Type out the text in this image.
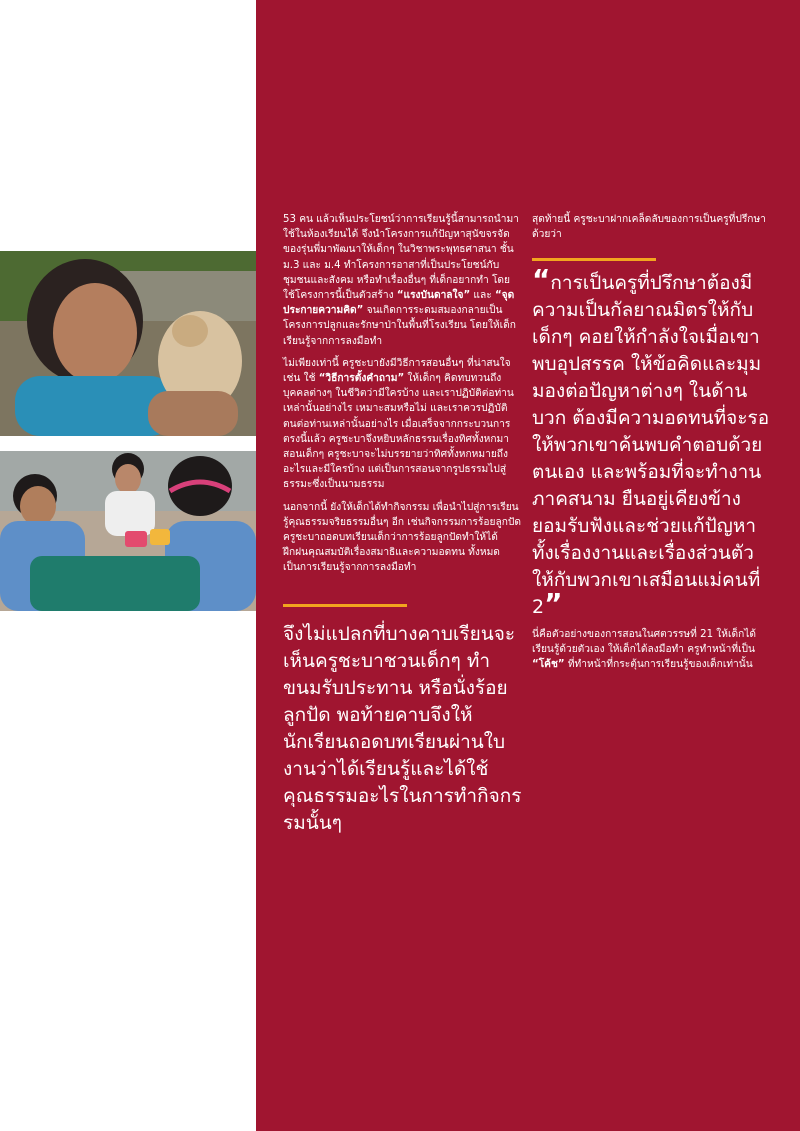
53 คน แล้วเห็นประโยชน์ว่าการเรียนรู้นี้สามารถนำมาใช้ในห้องเรียนได้ จึงนำโครงการแก้ปัญหาสุนัขจรจัดของรุ่นพี่มาพัฒนาให้เด็กๆ ในวิชาพระพุทธศาสนา ชั้น ม.3 และ ม.4 ทำโครงการอาสาที่เป็นประโยชน์กับชุมชนและสังคม หรือทำเรื่องอื่นๆ ที่เด็กอยากทำ โดยใช้โครงการนี้เป็นตัวสร้าง “แรงบันดาลใจ” และ “จุดประกายความคิด” จนเกิดการระดมสมองกลายเป็นโครงการปลูกและรักษาป่าในพื้นที่โรงเรียน โดยให้เด็กเรียนรู้จากการลงมือทำ

ไม่เพียงเท่านี้ ครูชะบายังมีวิธีการสอนอื่นๆ ที่น่าสนใจ เช่น ใช้ “วิธีการตั้งคำถาม” ให้เด็กๆ คิดทบทวนถึงบุคคลต่างๆ ในชีวิตว่ามีใครบ้าง และเราปฏิบัติต่อท่านเหล่านั้นอย่างไร เหมาะสมหรือไม่ และเราควรปฏิบัติตนต่อท่านเหล่านั้นอย่างไร เมื่อเสร็จจากกระบวนการตรงนี้แล้ว ครูชะบาจึงหยิบหลักธรรมเรื่องทิศทั้งหกมาสอนเด็กๆ ครูชะบาจะไม่บรรยายว่าทิศทั้งหกหมายถึงอะไรและมีใครบ้าง แต่เป็นการสอนจากรูปธรรมไปสู่ธรรมะซึ่งเป็นนามธรรม

นอกจากนี้ ยังให้เด็กได้ทำกิจกรรม เพื่อนำไปสู่การเรียนรู้คุณธรรมจริยธรรมอื่นๆ อีก เช่นกิจกรรมการร้อยลูกปัด ครูชะบาถอดบทเรียนเด็กว่าการร้อยลูกปัดทำให้ได้ฝึกฝนคุณสมบัติเรื่องสมาธิและความอดทน ทั้งหมดเป็นการเรียนรู้จากการลงมือทำ

จึงไม่แปลกที่บางคาบเรียนจะเห็นครูชะบาชวนเด็กๆ ทำขนมรับประทาน หรือนั่งร้อยลูกปัด พอท้ายคาบจึงให้นักเรียนถอดบทเรียนผ่านใบงานว่าได้เรียนรู้และได้ใช้คุณธรรมอะไรในการทำกิจกรรมนั้นๆ
สุดท้ายนี้ ครูชะบาฝากเคล็ดลับของการเป็นครูที่ปรึกษาด้วยว่า
“การเป็นครูที่ปรึกษาต้องมีความเป็นกัลยาณมิตรให้กับเด็กๆ คอยให้กำลังใจเมื่อเขาพบอุปสรรค ให้ข้อคิดและมุมมองต่อปัญหาต่างๆ ในด้านบวก ต้องมีความอดทนที่จะรอให้พวกเขาค้นพบคำตอบด้วยตนเอง และพร้อมที่จะทำงานภาคสนาม ยืนอยู่เคียงข้าง ยอมรับฟังและช่วยแก้ปัญหาทั้งเรื่องงานและเรื่องส่วนตัวให้กับพวกเขาเสมือนแม่คนที่ 2”
นี่คือตัวอย่างของการสอนในศตวรรษที่ 21 ให้เด็กได้เรียนรู้ด้วยตัวเอง ให้เด็กได้ลงมือทำ ครูทำหน้าที่เป็น “โค้ช” ที่ทำหน้าที่กระตุ้นการเรียนรู้ของเด็กเท่านั้น
